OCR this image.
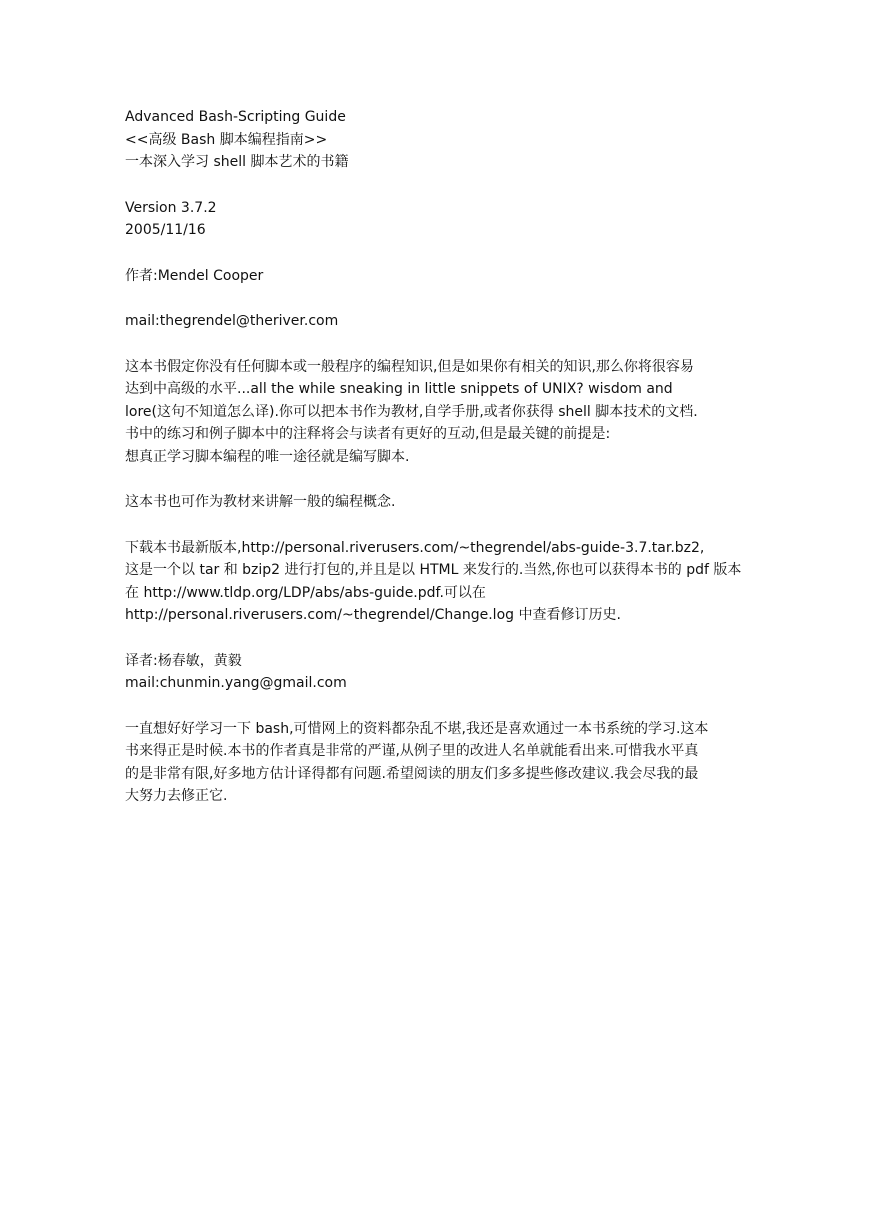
Advanced Bash-Scripting Guide
<<高级 Bash 脚本编程指南>>
一本深入学习 shell 脚本艺术的书籍
Version 3.7.2
2005/11/16
作者:Mendel Cooper
mail:thegrendel@theriver.com
这本书假定你没有任何脚本或一般程序的编程知识,但是如果你有相关的知识,那么你将很容易
达到中高级的水平...all the while sneaking in little snippets of UNIX? wisdom and
lore(这句不知道怎么译).你可以把本书作为教材,自学手册,或者你获得 shell 脚本技术的文档.
书中的练习和例子脚本中的注释将会与读者有更好的互动,但是最关键的前提是:
想真正学习脚本编程的唯一途径就是编写脚本.
这本书也可作为教材来讲解一般的编程概念.
下载本书最新版本,http://personal.riverusers.com/~thegrendel/abs-guide-3.7.tar.bz2,
这是一个以 tar 和 bzip2 进行打包的,并且是以 HTML 来发行的.当然,你也可以获得本书的 pdf 版本
在 http://www.tldp.org/LDP/abs/abs-guide.pdf.可以在
http://personal.riverusers.com/~thegrendel/Change.log 中查看修订历史.
译者:杨春敏，黄毅
mail:chunmin.yang@gmail.com
一直想好好学习一下 bash,可惜网上的资料都杂乱不堪,我还是喜欢通过一本书系统的学习.这本
书来得正是时候.本书的作者真是非常的严谨,从例子里的改进人名单就能看出来.可惜我水平真
的是非常有限,好多地方估计译得都有问题.希望阅读的朋友们多多提些修改建议.我会尽我的最
大努力去修正它.
